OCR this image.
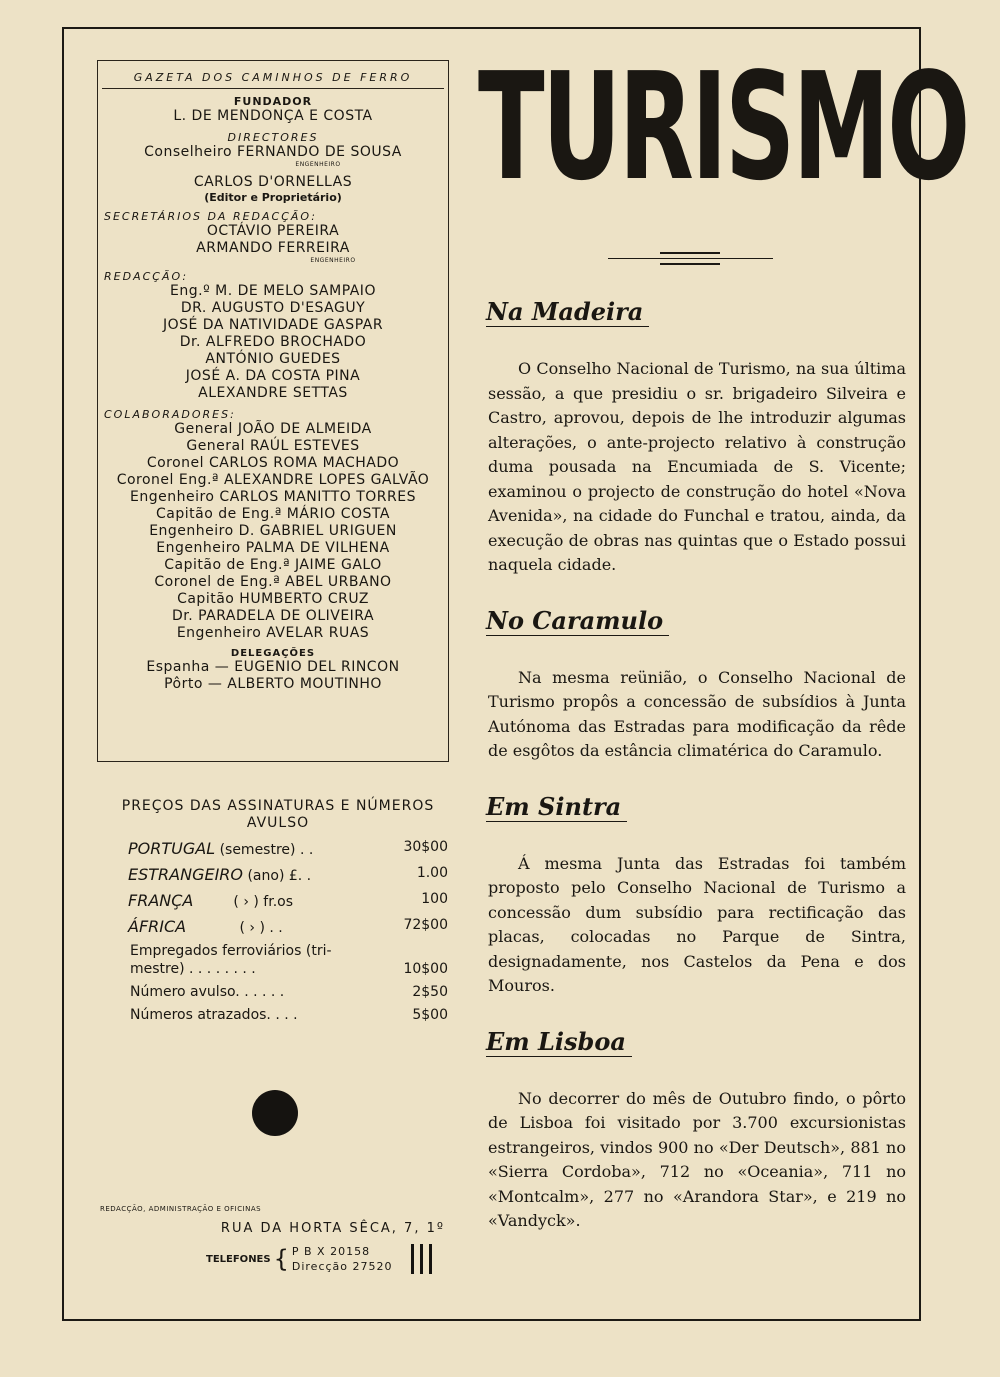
GAZETA DOS CAMINHOS DE FERRO
FUNDADOR
L. DE MENDONÇA E COSTA
DIRECTORES
Conselheiro FERNANDO DE SOUSA
ENGENHEIRO
CARLOS D'ORNELLAS
(Editor e Proprietário)
SECRETÁRIOS DA REDACÇÃO:
OCTÁVIO PEREIRA
ARMANDO FERREIRA
ENGENHEIRO
REDACÇÃO:
Eng.º M. DE MELO SAMPAIO
DR. AUGUSTO D'ESAGUY
JOSÉ DA NATIVIDADE GASPAR
Dr. ALFREDO BROCHADO
ANTÓNIO GUEDES
JOSÉ A. DA COSTA PINA
ALEXANDRE SETTAS
COLABORADORES:
General JOÃO DE ALMEIDA
General RAÚL ESTEVES
Coronel CARLOS ROMA MACHADO
Coronel Eng.ª ALEXANDRE LOPES GALVÃO
Engenheiro CARLOS MANITTO TORRES
Capitão de Eng.ª MÁRIO COSTA
Engenheiro D. GABRIEL URIGUEN
Engenheiro PALMA DE VILHENA
Capitão de Eng.ª JAIME GALO
Coronel de Eng.ª ABEL URBANO
Capitão HUMBERTO CRUZ
Dr. PARADELA DE OLIVEIRA
Engenheiro AVELAR RUAS
DELEGAÇÕES
Espanha — EUGENIO DEL RINCON
Pôrto — ALBERTO MOUTINHO
PREÇOS DAS ASSINATURAS E NÚMEROS AVULSO
PORTUGAL (semestre) . .	30$00
ESTRANGEIRO (ano) £. .	1.00
FRANÇA	( › ) fr.os	100
ÁFRICA	( › ) . .	72$00
Empregados ferroviários (tri-
mestre) . . . . . . . .	10$00
Número avulso. . . . . .	2$50
Números atrazados. . . .	5$00
REDACÇÃO, ADMINISTRAÇÃO E OFICINAS
RUA DA HORTA SÊCA, 7, 1º
TELEFONES { P B X 20158
Direcção 27520
TURISMO
Na Madeira
O Conselho Nacional de Turismo, na sua última sessão, a que presidiu o sr. brigadeiro Silveira e Castro, aprovou, depois de lhe introduzir algumas alterações, o ante-projecto relativo à construção duma pousada na Encumiada de S. Vicente; examinou o projecto de construção do hotel «Nova Avenida», na cidade do Funchal e tratou, ainda, da execução de obras nas quintas que o Estado possui naquela cidade.
No Caramulo
Na mesma reünião, o Conselho Nacional de Turismo propôs a concessão de subsídios à Junta Autónoma das Estradas para modificação da rêde de esgôtos da estância climatérica do Caramulo.
Em Sintra
Á mesma Junta das Estradas foi também proposto pelo Conselho Nacional de Turismo a concessão dum subsídio para rectificação das placas, colocadas no Parque de Sintra, designadamente, nos Castelos da Pena e dos Mouros.
Em Lisboa
No decorrer do mês de Outubro findo, o pôrto de Lisboa foi visitado por 3.700 excursionistas estrangeiros, vindos 900 no «Der Deutsch», 881 no «Sierra Cordoba», 712 no «Oceania», 711 no «Montcalm», 277 no «Arandora Star», e 219 no «Vandyck».
